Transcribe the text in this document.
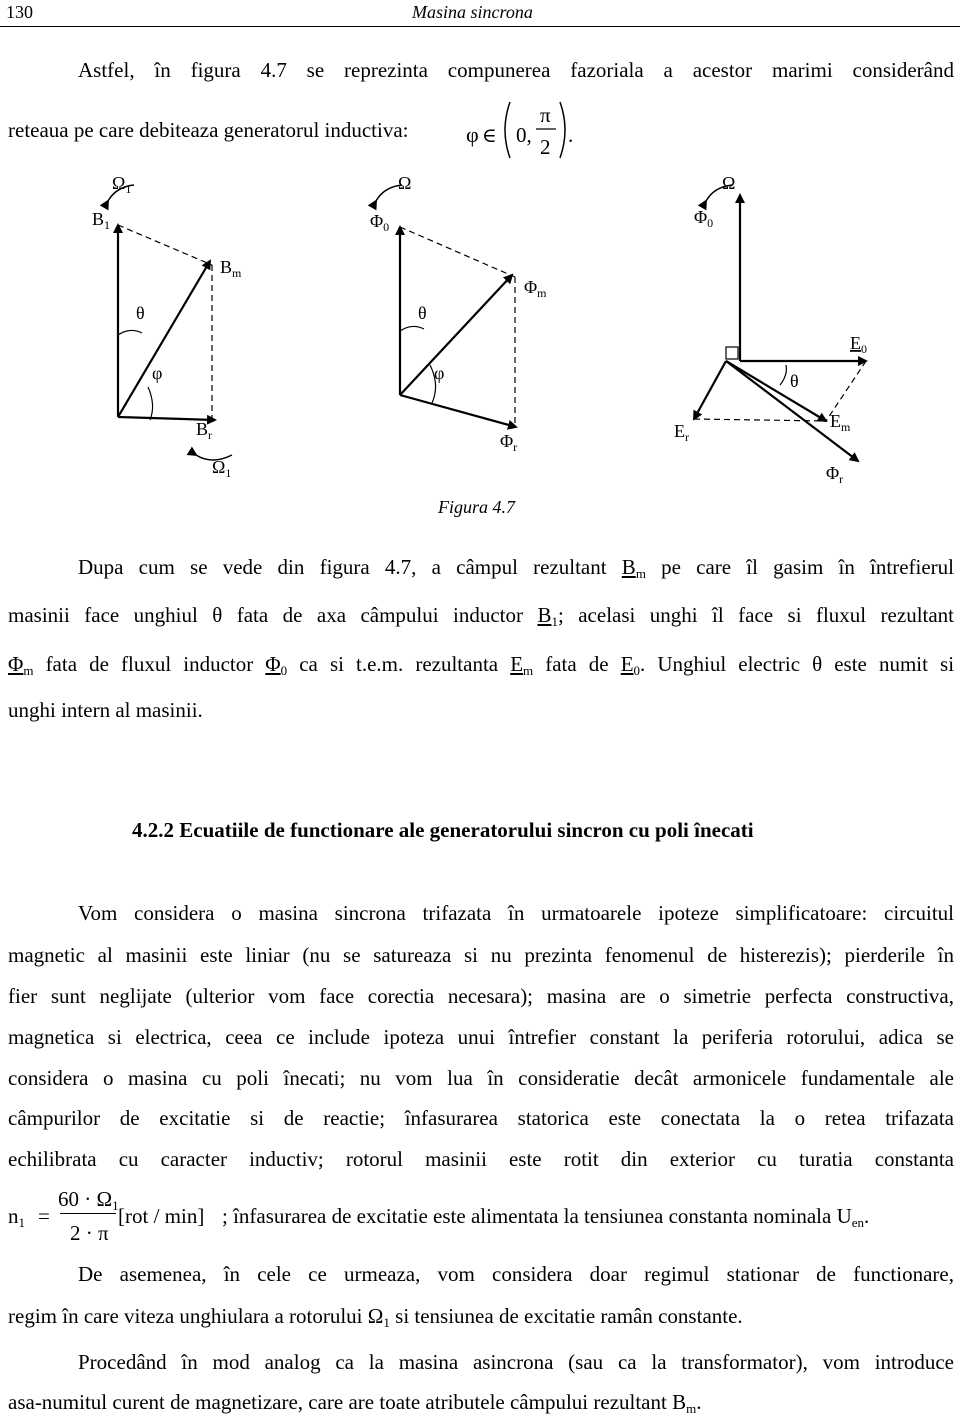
130	Masina sincrona
Astfel, în figura 4.7 se reprezinta compunerea fazoriala a acestor marimi considerând
reteaua pe care debiteaza generatorul inductiva:	φ ∈ 0,
π
2 .
$\Omega_1$
$B_1$
$B_m$
θ
φ
$B_r$
$\Omega_1$
Ω
$\Phi_0$
$\Phi_m$
θ
φ
$\Phi_r$
Ω
$\Phi_0$
$E_0$
θ
$E_r$
$E_m$
$\Phi_r$
Figura 4.7
Dupa cum se vede din figura 4.7, a câmpul rezultant $B_m$ pe care îl gasim în întrefierul
masinii face unghiul θ fata de axa câmpului inductor $B_1$; acelasi unghi îl face si fluxul rezultant
$\Phi_m$ fata de fluxul inductor $\Phi_0$ ca si t.e.m. rezultanta $E_m$ fata de $E_0$. Unghiul electric θ este numit si
unghi intern al masinii.
4.2.2 Ecuatiile de functionare ale generatorului sincron cu poli înecati
Vom considera o masina sincrona trifazata în urmatoarele ipoteze simplificatoare: circuitul
magnetic al masinii este liniar (nu se satureaza si nu prezinta fenomenul de histerezis); pierderile în
fier sunt neglijate (ulterior vom face corectia necesara); masina are o simetrie perfecta constructiva,
magnetica si electrica, ceea ce include ipoteza unui întrefier constant la periferia rotorului, adica se
considera o masina cu poli înecati; nu vom lua în consideratie decât armonicele fundamentale ale
câmpurilor de excitatie si de reactie; înfasurarea statorica este conectata la o retea trifazata
echilibrata cu caracter inductiv; rotorul masinii este rotit din exterior cu turatia constanta
$n_1$ =
$60 \cdot \Omega_1$
2 · π
[rot / min] ; înfasurarea de excitatie este alimentata la tensiunea constanta nominala $U_{en}$.
De asemenea, în cele ce urmeaza, vom considera doar regimul stationar de functionare,
regim în care viteza unghiulara a rotorului $\Omega_1$ si tensiunea de excitatie ramân constante.
Procedând în mod analog ca la masina asincrona (sau ca la transformator), vom introduce
asa-numitul curent de magnetizare, care are toate atributele câmpului rezultant $B_m$.
